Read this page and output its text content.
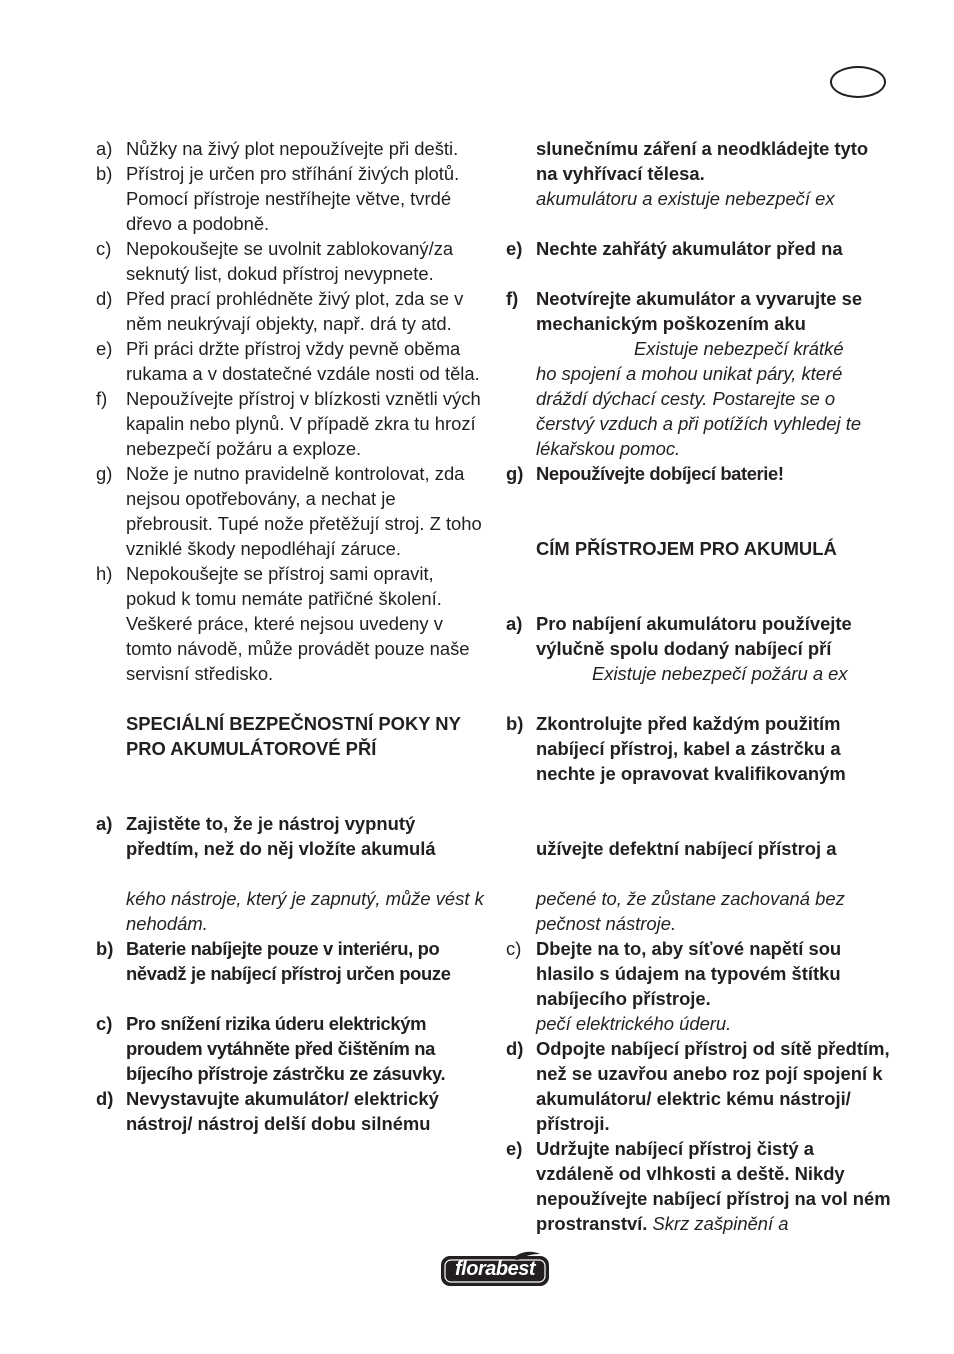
a) Nůžky na živý plot nepoužívejte při dešti.
b) Přístroj je určen pro stříhání živých plotů. Pomocí přístroje nestříhejte větve, tvrdé dřevo a podobně.
c) Nepokoušejte se uvolnit zablokovaný/za seknutý list, dokud přístroj nevypnete.
d) Před prací prohlédněte živý plot, zda se v něm neukrývají objekty, např. drá ty atd.
e) Při práci držte přístroj vždy pevně oběma rukama a v dostatečné vzdále nosti od těla.
f) Nepoužívejte přístroj v blízkosti vznětli vých kapalin nebo plynů. V případě zkra tu hrozí nebezpečí požáru a exploze.
g) Nože je nutno pravidelně kontrolovat, zda nejsou opotřebovány, a nechat je přebrousit. Tupé nože přetěžují stroj. Z toho vzniklé škody nepodléhají záruce.
h) Nepokoušejte se přístroj sami opravit, pokud k tomu nemáte patřičné školení. Veškeré práce, které nejsou uvedeny v tomto návodě, může provádět pouze naše servisní středisko.
SPECIÁLNÍ BEZPEČNOSTNÍ POKY NY PRO AKUMULÁTOROVÉ PŘÍ
a) Zajistěte to, že je nástroj vypnutý předtím, než do něj vložíte akumulá
kého nástroje, který je zapnutý, může vést k nehodám.
b) Baterie nabíjejte pouze v interiéru, po něvadž je nabíjecí přístroj určen pouze
c) Pro snížení rizika úderu elektrickým proudem vytáhněte před čištěním na bíjecího přístroje zástrčku ze zásuvky.
d) Nevystavujte akumulátor/ elektrický nástroj/ nástroj delší dobu silnému
slunečnímu záření a neodkládejte tyto na vyhřívací tělesa.
akumulátoru a existuje nebezpečí ex
e) Nechte zahřátý akumulátor před na
f) Neotvírejte akumulátor a vyvarujte se mechanickým poškozením aku
Existuje nebezpečí krátké
ho spojení a mohou unikat páry, které dráždí dýchací cesty. Postarejte se o čerstvý vzduch a při potížích vyhledej te lékařskou pomoc.
g) Nepoužívejte dobíjecí baterie!
CÍM PŘÍSTROJEM PRO AKUMULÁ
a) Pro nabíjení akumulátoru používejte výlučně spolu dodaný nabíjecí pří
Existuje nebezpečí požáru a ex
b) Zkontrolujte před každým použitím nabíjecí přístroj, kabel a zástrčku a nechte je opravovat kvalifikovaným
užívejte defektní nabíjecí přístroj a
pečené to, že zůstane zachovaná bez pečnost nástroje.
c) Dbejte na to, aby síťové napětí sou hlasilo s údajem na typovém štítku nabíjecího přístroje.
pečí elektrického úderu.
d) Odpojte nabíjecí přístroj od sítě předtím, než se uzavřou anebo roz pojí spojení k akumulátoru/ elektric kému nástroji/ přístroji.
e) Udržujte nabíjecí přístroj čistý a vzdáleně od vlhkosti a deště. Nikdy nepoužívejte nabíjecí přístroj na vol ném prostranství. Skrz zašpinění a
florabest
